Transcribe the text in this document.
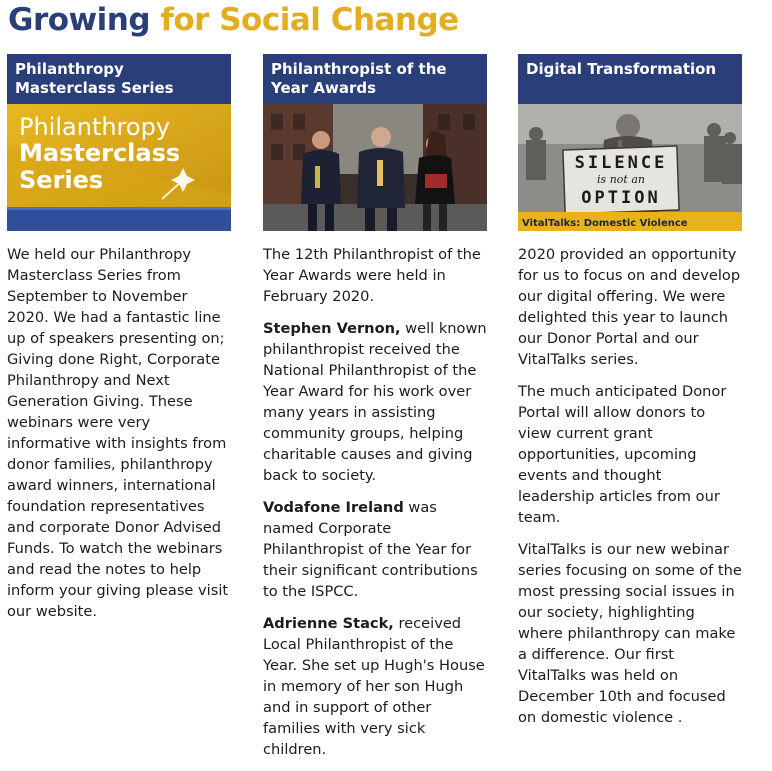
Growing for Social Change
Philanthropy Masterclass Series
Philanthropy
Masterclass
Series

We held our Philanthropy Masterclass Series from September to November 2020. We had a fantastic line up of speakers presenting on; Giving done Right, Corporate Philanthropy and Next Generation Giving. These webinars were very informative with insights from donor families, philanthropy award winners, international foundation representatives and corporate Donor Advised Funds. To watch the webinars and read the notes to help inform your giving please visit our website.

Philanthropist of the Year Awards

The 12th Philanthropist of the Year Awards were held in February 2020.

Stephen Vernon, well known philanthropist received the National Philanthropist of the Year Award for his work over many years in assisting community groups, helping charitable causes and giving back to society.

Vodafone Ireland was named Corporate Philanthropist of the Year for their significant contributions to the ISPCC.

Adrienne Stack, received Local Philanthropist of the Year. She set up Hugh's House in memory of her son Hugh and in support of other families with very sick children.

Digital Transformation
SILENCE
is not an
OPTION
VitalTalks: Domestic Violence

2020 provided an opportunity for us to focus on and develop our digital offering. We were delighted this year to launch our Donor Portal and our VitalTalks series.

The much anticipated Donor Portal will allow donors to view current grant opportunities, upcoming events and thought leadership articles from our team.

VitalTalks is our new webinar series focusing on some of the most pressing social issues in our society, highlighting where philanthropy can make a difference. Our first VitalTalks was held on December 10th and focused on domestic violence .
